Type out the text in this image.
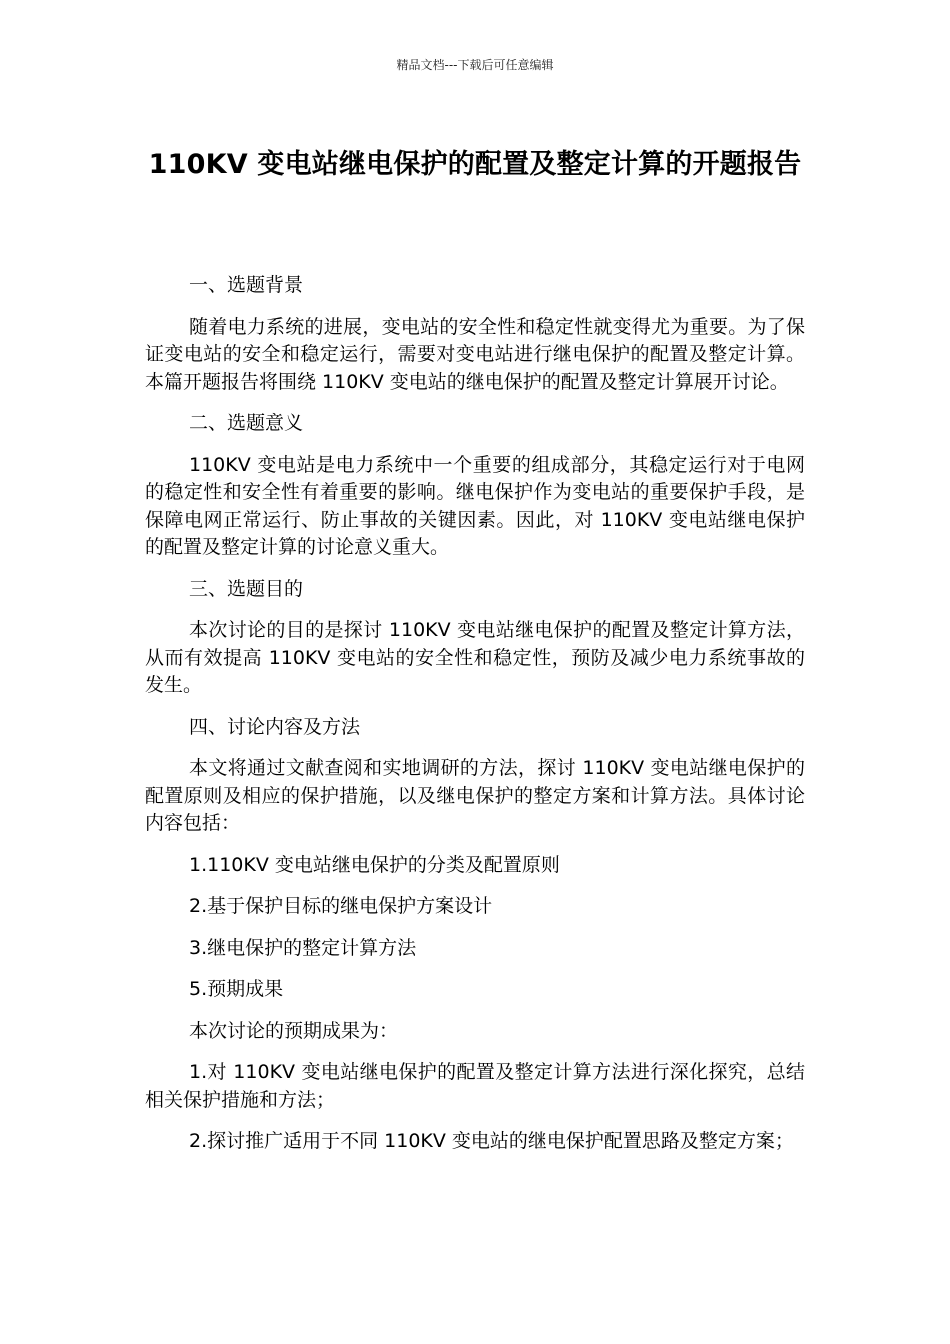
精品文档---下载后可任意编辑
110KV 变电站继电保护的配置及整定计算的开题报告

一、选题背景

随着电力系统的进展，变电站的安全性和稳定性就变得尤为重要。为了保证变电站的安全和稳定运行，需要对变电站进行继电保护的配置及整定计算。本篇开题报告将围绕 110KV 变电站的继电保护的配置及整定计算展开讨论。

二、选题意义

110KV 变电站是电力系统中一个重要的组成部分，其稳定运行对于电网的稳定性和安全性有着重要的影响。继电保护作为变电站的重要保护手段，是保障电网正常运行、防止事故的关键因素。因此，对 110KV 变电站继电保护的配置及整定计算的讨论意义重大。

三、选题目的

本次讨论的目的是探讨 110KV 变电站继电保护的配置及整定计算方法，从而有效提高 110KV 变电站的安全性和稳定性，预防及减少电力系统事故的发生。

四、讨论内容及方法

本文将通过文献查阅和实地调研的方法，探讨 110KV 变电站继电保护的配置原则及相应的保护措施，以及继电保护的整定方案和计算方法。具体讨论内容包括：

1.110KV 变电站继电保护的分类及配置原则

2.基于保护目标的继电保护方案设计

3.继电保护的整定计算方法

5.预期成果

本次讨论的预期成果为：

1.对 110KV 变电站继电保护的配置及整定计算方法进行深化探究，总结相关保护措施和方法；

2.探讨推广适用于不同 110KV 变电站的继电保护配置思路及整定方案；
